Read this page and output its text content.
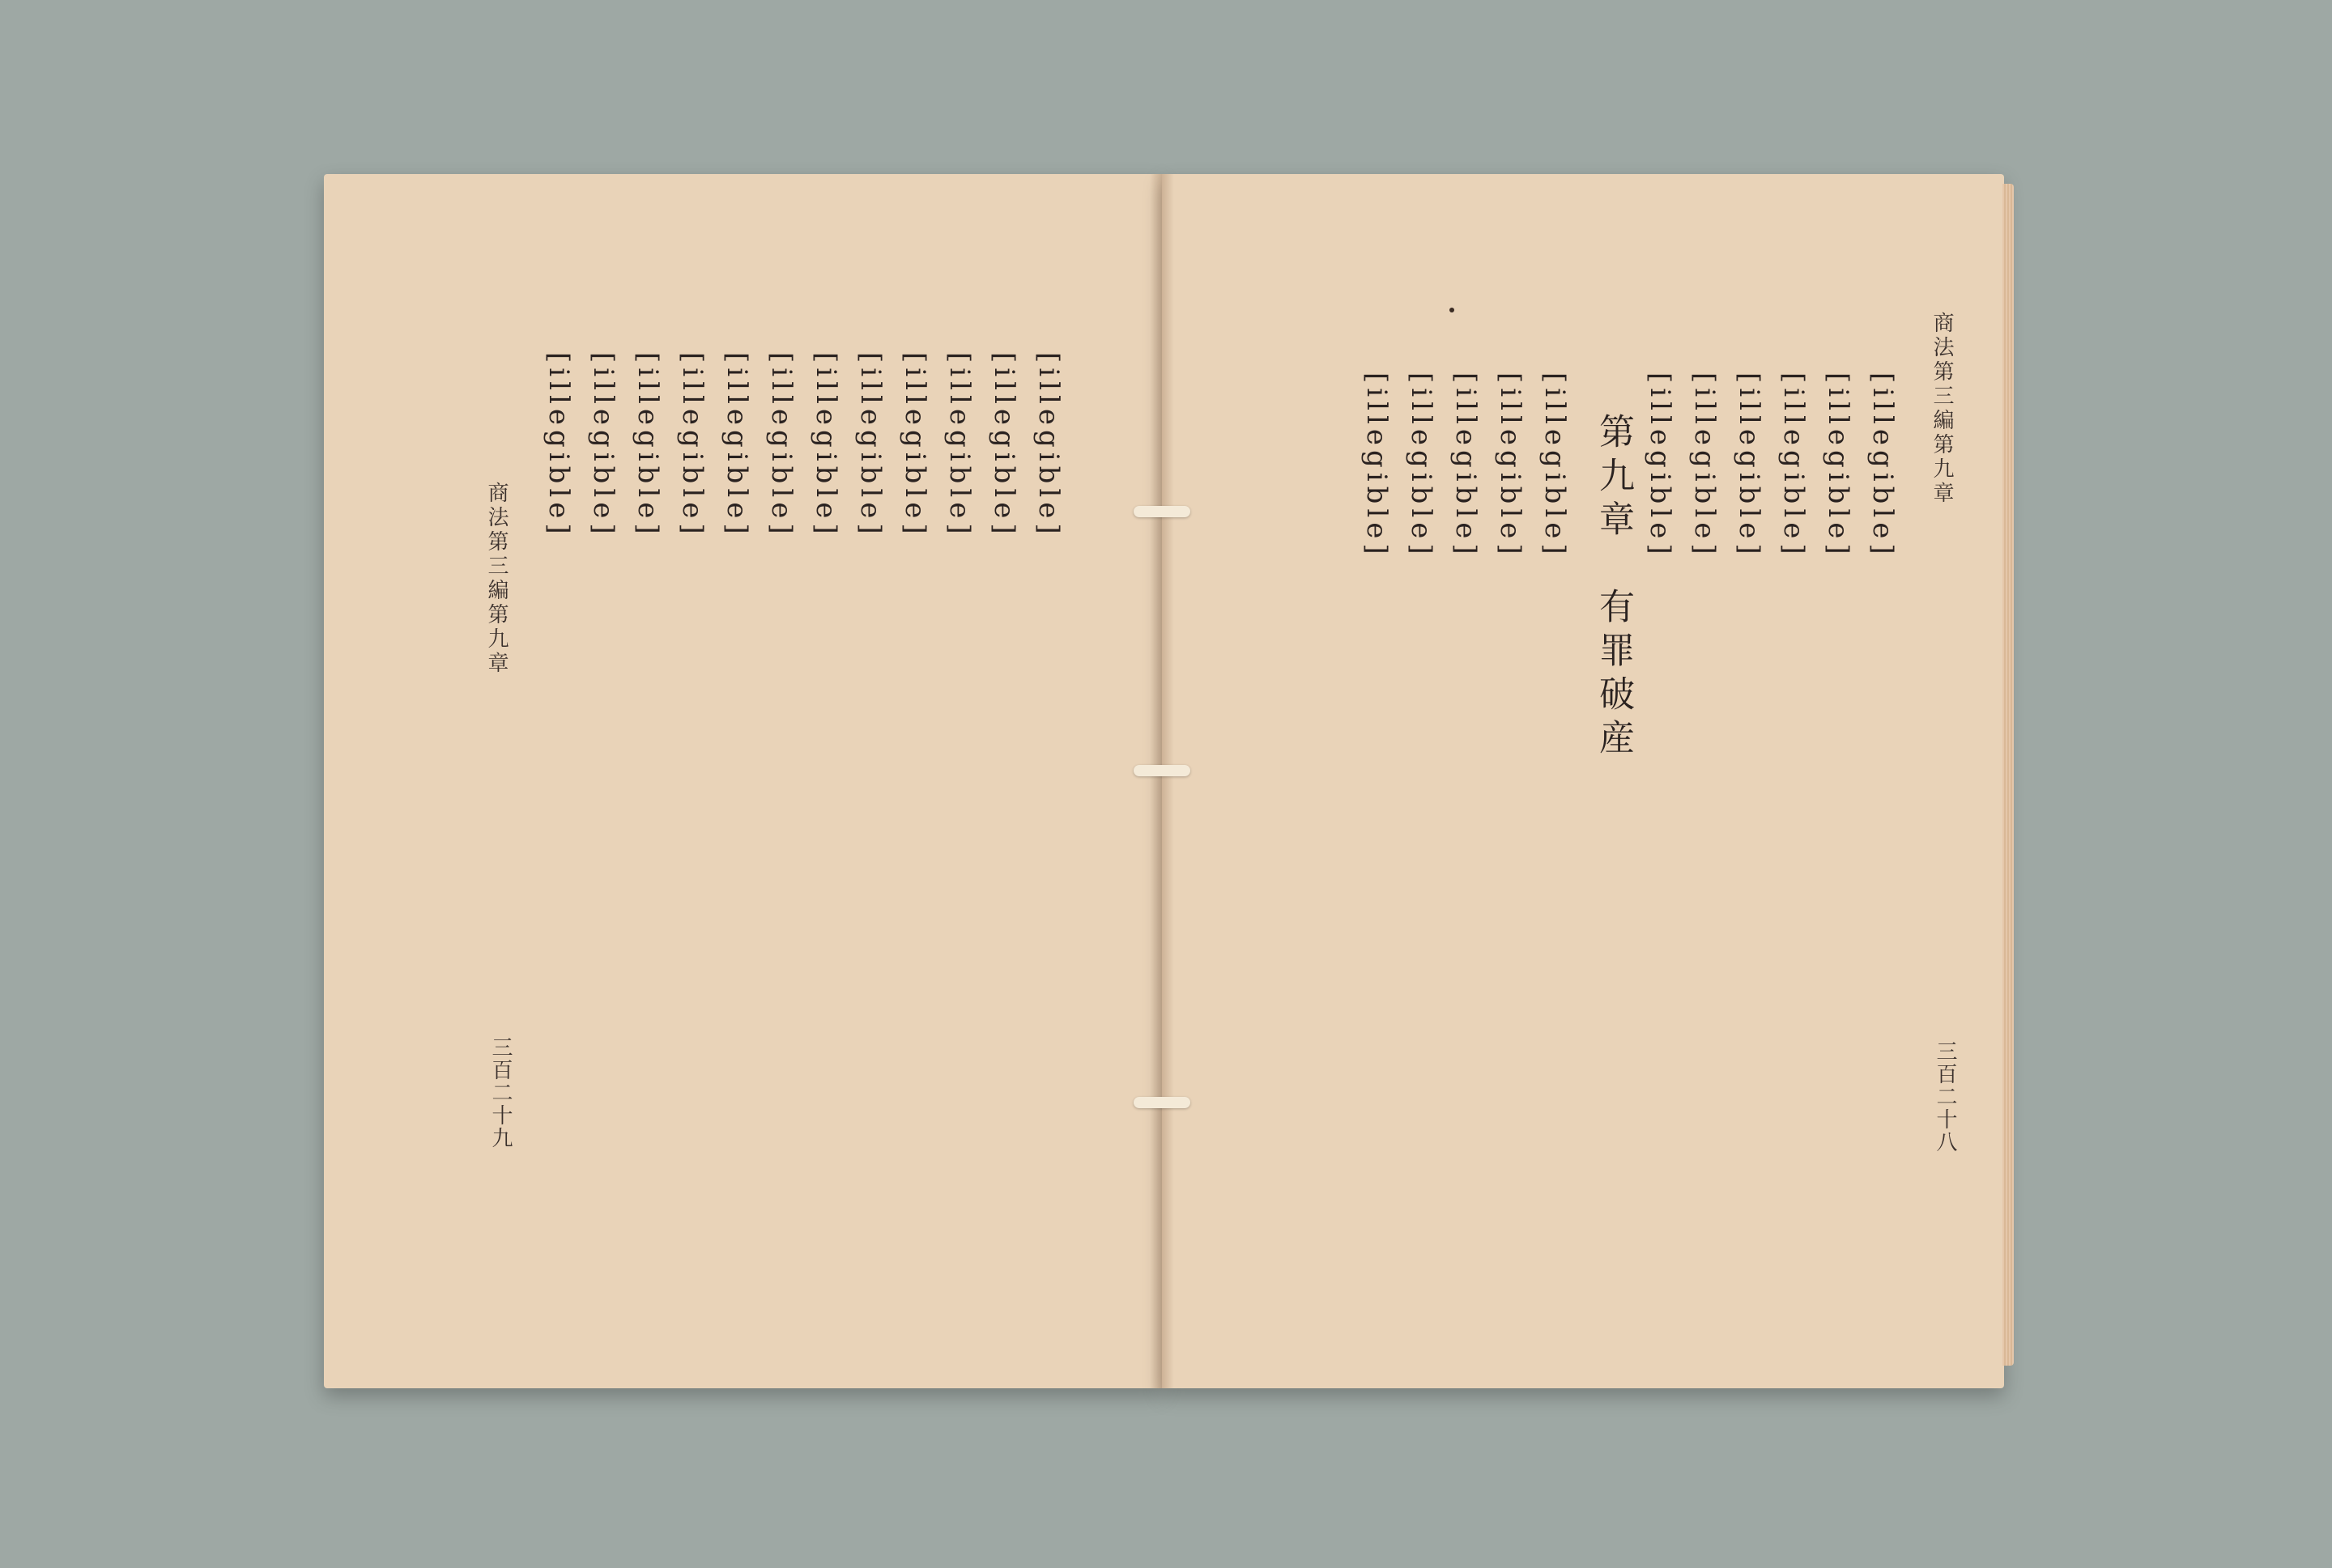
商法第三編第九章
三百二十八
[illegible]
[illegible]
[illegible]
[illegible]
[illegible]
[illegible]
第九章　有罪破産
[illegible]
[illegible]
[illegible]
[illegible]
[illegible]
[illegible]
[illegible]
[illegible]
[illegible]
[illegible]
[illegible]
[illegible]
[illegible]
[illegible]
[illegible]
[illegible]
[illegible]
商法第三編第九章
三百二十九
